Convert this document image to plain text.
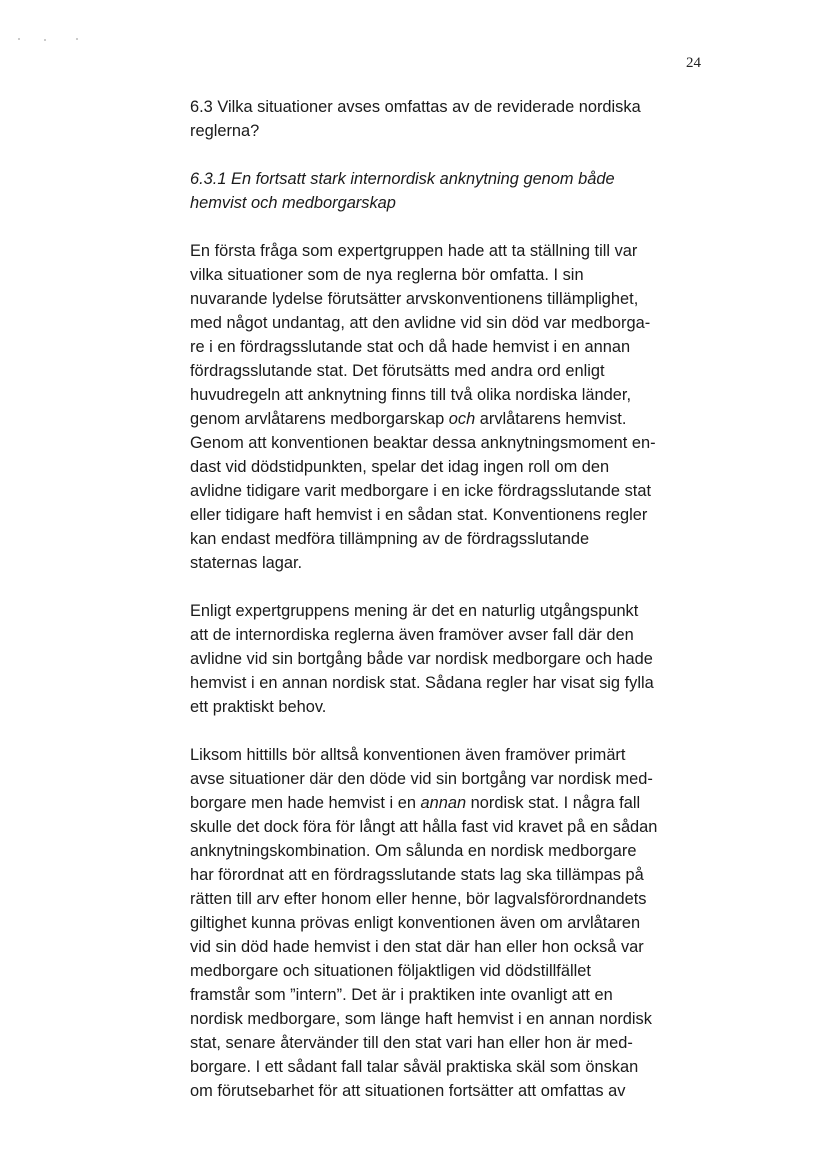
24

6.3 Vilka situationer avses omfattas av de reviderade nordiska
reglerna?

6.3.1 En fortsatt stark internordisk anknytning genom både
hemvist och medborgarskap

En första fråga som expertgruppen hade att ta ställning till var
vilka situationer som de nya reglerna bör omfatta. I sin
nuvarande lydelse förutsätter arvskonventionens tillämplighet,
med något undantag, att den avlidne vid sin död var medborga-
re i en fördragsslutande stat och då hade hemvist i en annan
fördragsslutande stat. Det förutsätts med andra ord enligt
huvudregeln att anknytning finns till två olika nordiska länder,
genom arvlåtarens medborgarskap och arvlåtarens hemvist.
Genom att konventionen beaktar dessa anknytningsmoment en-
dast vid dödstidpunkten, spelar det idag ingen roll om den
avlidne tidigare varit medborgare i en icke fördragsslutande stat
eller tidigare haft hemvist i en sådan stat. Konventionens regler
kan endast medföra tillämpning av de fördragsslutande
staternas lagar.

Enligt expertgruppens mening är det en naturlig utgångspunkt
att de internordiska reglerna även framöver avser fall där den
avlidne vid sin bortgång både var nordisk medborgare och hade
hemvist i en annan nordisk stat. Sådana regler har visat sig fylla
ett praktiskt behov.

Liksom hittills bör alltså konventionen även framöver primärt
avse situationer där den döde vid sin bortgång var nordisk med-
borgare men hade hemvist i en annan nordisk stat. I några fall
skulle det dock föra för långt att hålla fast vid kravet på en sådan
anknytningskombination. Om sålunda en nordisk medborgare
har förordnat att en fördragsslutande stats lag ska tillämpas på
rätten till arv efter honom eller henne, bör lagvalsförordnandets
giltighet kunna prövas enligt konventionen även om arvlåtaren
vid sin död hade hemvist i den stat där han eller hon också var
medborgare och situationen följaktligen vid dödstillfället
framstår som ”intern”. Det är i praktiken inte ovanligt att en
nordisk medborgare, som länge haft hemvist i en annan nordisk
stat, senare återvänder till den stat vari han eller hon är med-
borgare. I ett sådant fall talar såväl praktiska skäl som önskan
om förutsebarhet för att situationen fortsätter att omfattas av
